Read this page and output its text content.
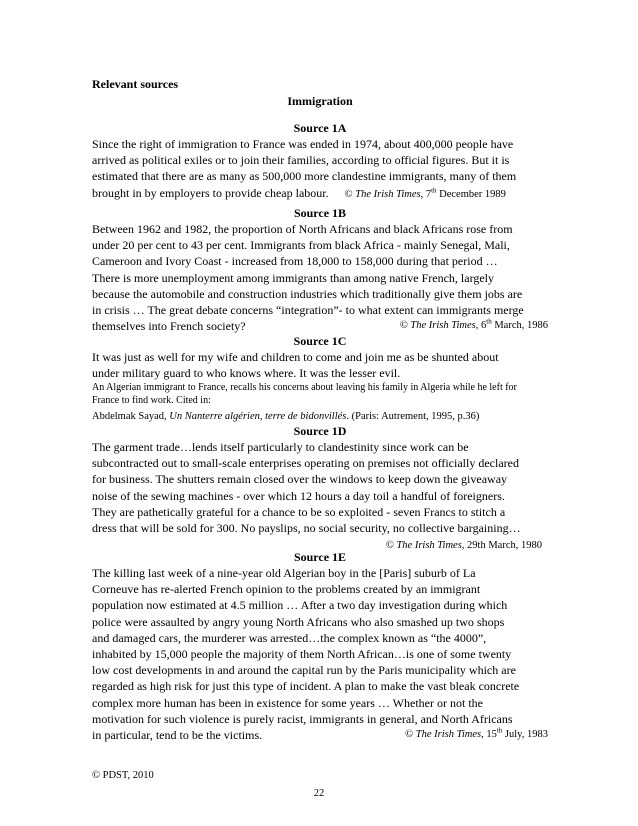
Relevant sources
Immigration
Source 1A
Since the right of immigration to France was ended in 1974, about 400,000 people have
arrived as political exiles or to join their families, according to official figures. But it is
estimated that there are as many as 500,000 more clandestine immigrants, many of them
brought in by employers to provide cheap labour. © The Irish Times, 7th December 1989
Source 1B
Between 1962 and 1982, the proportion of North Africans and black Africans rose from
under 20 per cent to 43 per cent. Immigrants from black Africa - mainly Senegal, Mali,
Cameroon and Ivory Coast - increased from 18,000 to 158,000 during that period …
There is more unemployment among immigrants than among native French, largely
because the automobile and construction industries which traditionally give them jobs are
in crisis … The great debate concerns “integration”- to what extent can immigrants merge
themselves into French society?	© The Irish Times, 6th March, 1986
Source 1C
It was just as well for my wife and children to come and join me as be shunted about
under military guard to who knows where. It was the lesser evil.
An Algerian immigrant to France, recalls his concerns about leaving his family in Algeria while he left for
France to find work. Cited in:
Abdelmak Sayad, Un Nanterre algérien, terre de bidonvillés. (Paris: Autrement, 1995, p.36)
Source 1D
The garment trade…lends itself particularly to clandestinity since work can be
subcontracted out to small-scale enterprises operating on premises not officially declared
for business. The shutters remain closed over the windows to keep down the giveaway
noise of the sewing machines - over which 12 hours a day toil a handful of foreigners.
They are pathetically grateful for a chance to be so exploited - seven Francs to stitch a
dress that will be sold for 300. No payslips, no social security, no collective bargaining…
© The Irish Times, 29th March, 1980
Source 1E
The killing last week of a nine-year old Algerian boy in the [Paris] suburb of La
Corneuve has re-alerted French opinion to the problems created by an immigrant
population now estimated at 4.5 million … After a two day investigation during which
police were assaulted by angry young North Africans who also smashed up two shops
and damaged cars, the murderer was arrested…the complex known as “the 4000”,
inhabited by 15,000 people the majority of them North African…is one of some twenty
low cost developments in and around the capital run by the Paris municipality which are
regarded as high risk for just this type of incident. A plan to make the vast bleak concrete
complex more human has been in existence for some years … Whether or not the
motivation for such violence is purely racist, immigrants in general, and North Africans
in particular, tend to be the victims.	© The Irish Times, 15th July, 1983
© PDST, 2010
22
